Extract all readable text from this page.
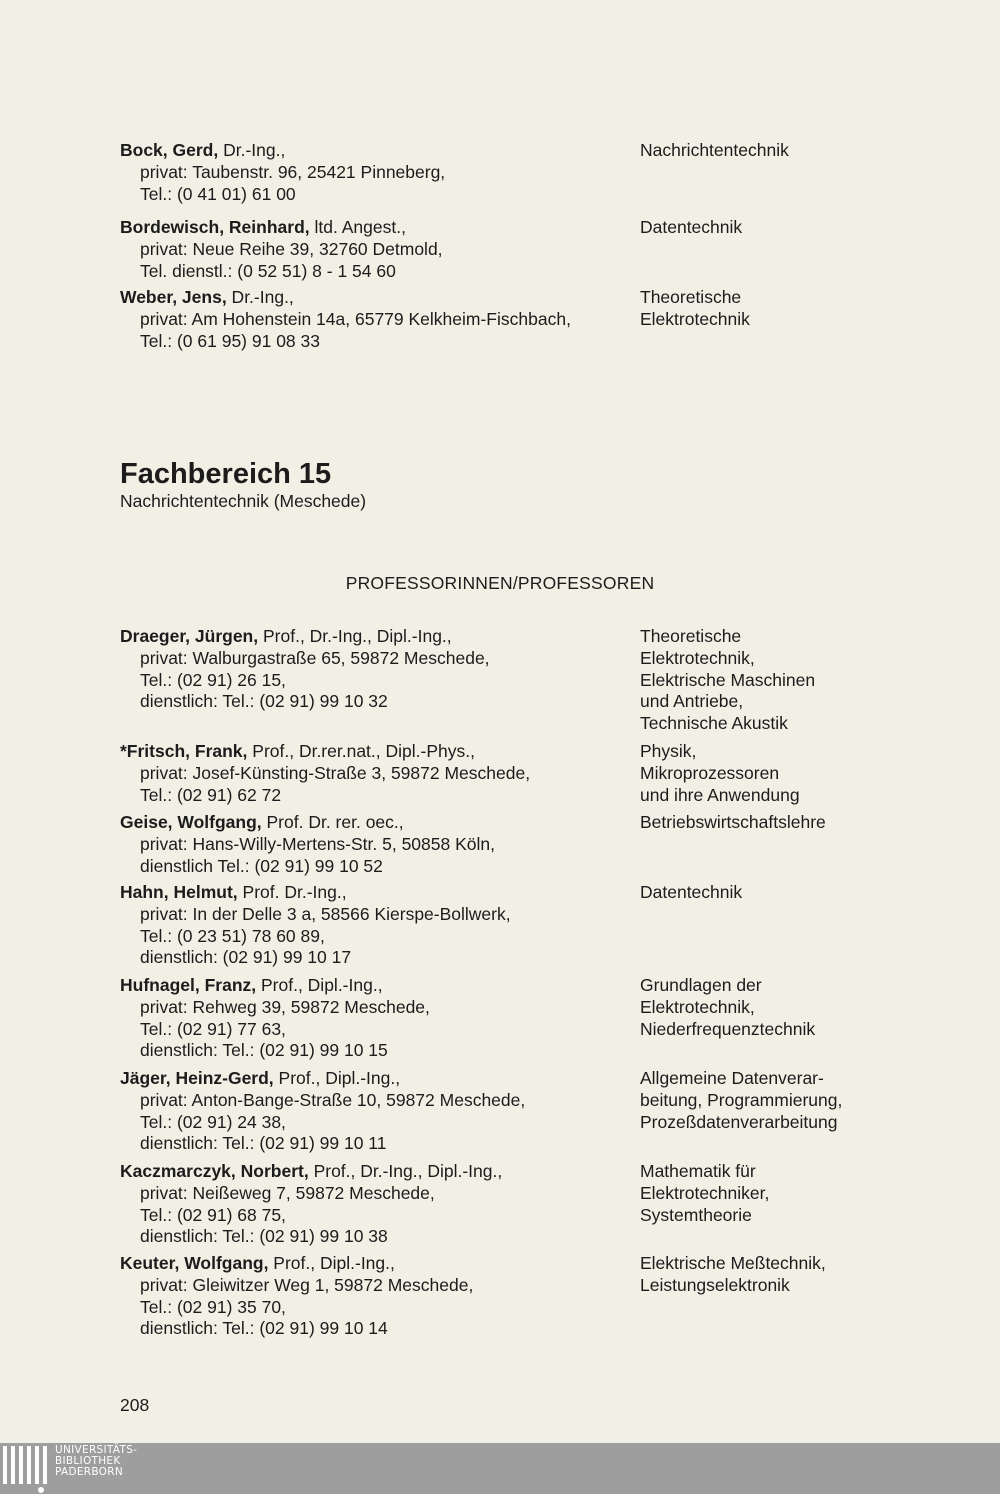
Bock, Gerd, Dr.-Ing.,
privat: Taubenstr. 96, 25421 Pinneberg,
Tel.: (0 41 01) 61 00
Nachrichtentechnik
Bordewisch, Reinhard, ltd. Angest.,
privat: Neue Reihe 39, 32760 Detmold,
Tel. dienstl.: (0 52 51) 8 - 1 54 60
Datentechnik
Weber, Jens, Dr.-Ing.,
privat: Am Hohenstein 14a, 65779 Kelkheim-Fischbach,
Tel.: (0 61 95) 91 08 33
Theoretische
Elektrotechnik
Fachbereich 15
Nachrichtentechnik (Meschede)
PROFESSORINNEN/PROFESSOREN
Draeger, Jürgen, Prof., Dr.-Ing., Dipl.-Ing.,
privat: Walburgastraße 65, 59872 Meschede,
Tel.: (02 91) 26 15,
dienstlich: Tel.: (02 91) 99 10 32
Theoretische
Elektrotechnik,
Elektrische Maschinen
und Antriebe,
Technische Akustik
*Fritsch, Frank, Prof., Dr.rer.nat., Dipl.-Phys.,
privat: Josef-Künsting-Straße 3, 59872 Meschede,
Tel.: (02 91) 62 72
Physik,
Mikroprozessoren
und ihre Anwendung
Geise, Wolfgang, Prof. Dr. rer. oec.,
privat: Hans-Willy-Mertens-Str. 5, 50858 Köln,
dienstlich Tel.: (02 91) 99 10 52
Betriebswirtschaftslehre
Hahn, Helmut, Prof. Dr.-Ing.,
privat: In der Delle 3 a, 58566 Kierspe-Bollwerk,
Tel.: (0 23 51) 78 60 89,
dienstlich: (02 91) 99 10 17
Datentechnik
Hufnagel, Franz, Prof., Dipl.-Ing.,
privat: Rehweg 39, 59872 Meschede,
Tel.: (02 91) 77 63,
dienstlich: Tel.: (02 91) 99 10 15
Grundlagen der
Elektrotechnik,
Niederfrequenztechnik
Jäger, Heinz-Gerd, Prof., Dipl.-Ing.,
privat: Anton-Bange-Straße 10, 59872 Meschede,
Tel.: (02 91) 24 38,
dienstlich: Tel.: (02 91) 99 10 11
Allgemeine Datenverar-
beitung, Programmierung,
Prozeßdatenverarbeitung
Kaczmarczyk, Norbert, Prof., Dr.-Ing., Dipl.-Ing.,
privat: Neißeweg 7, 59872 Meschede,
Tel.: (02 91) 68 75,
dienstlich: Tel.: (02 91) 99 10 38
Mathematik für
Elektrotechniker,
Systemtheorie
Keuter, Wolfgang, Prof., Dipl.-Ing.,
privat: Gleiwitzer Weg 1, 59872 Meschede,
Tel.: (02 91) 35 70,
dienstlich: Tel.: (02 91) 99 10 14
Elektrische Meßtechnik,
Leistungselektronik
208
UNIVERSITÄTS-
BIBLIOTHEK
PADERBORN
